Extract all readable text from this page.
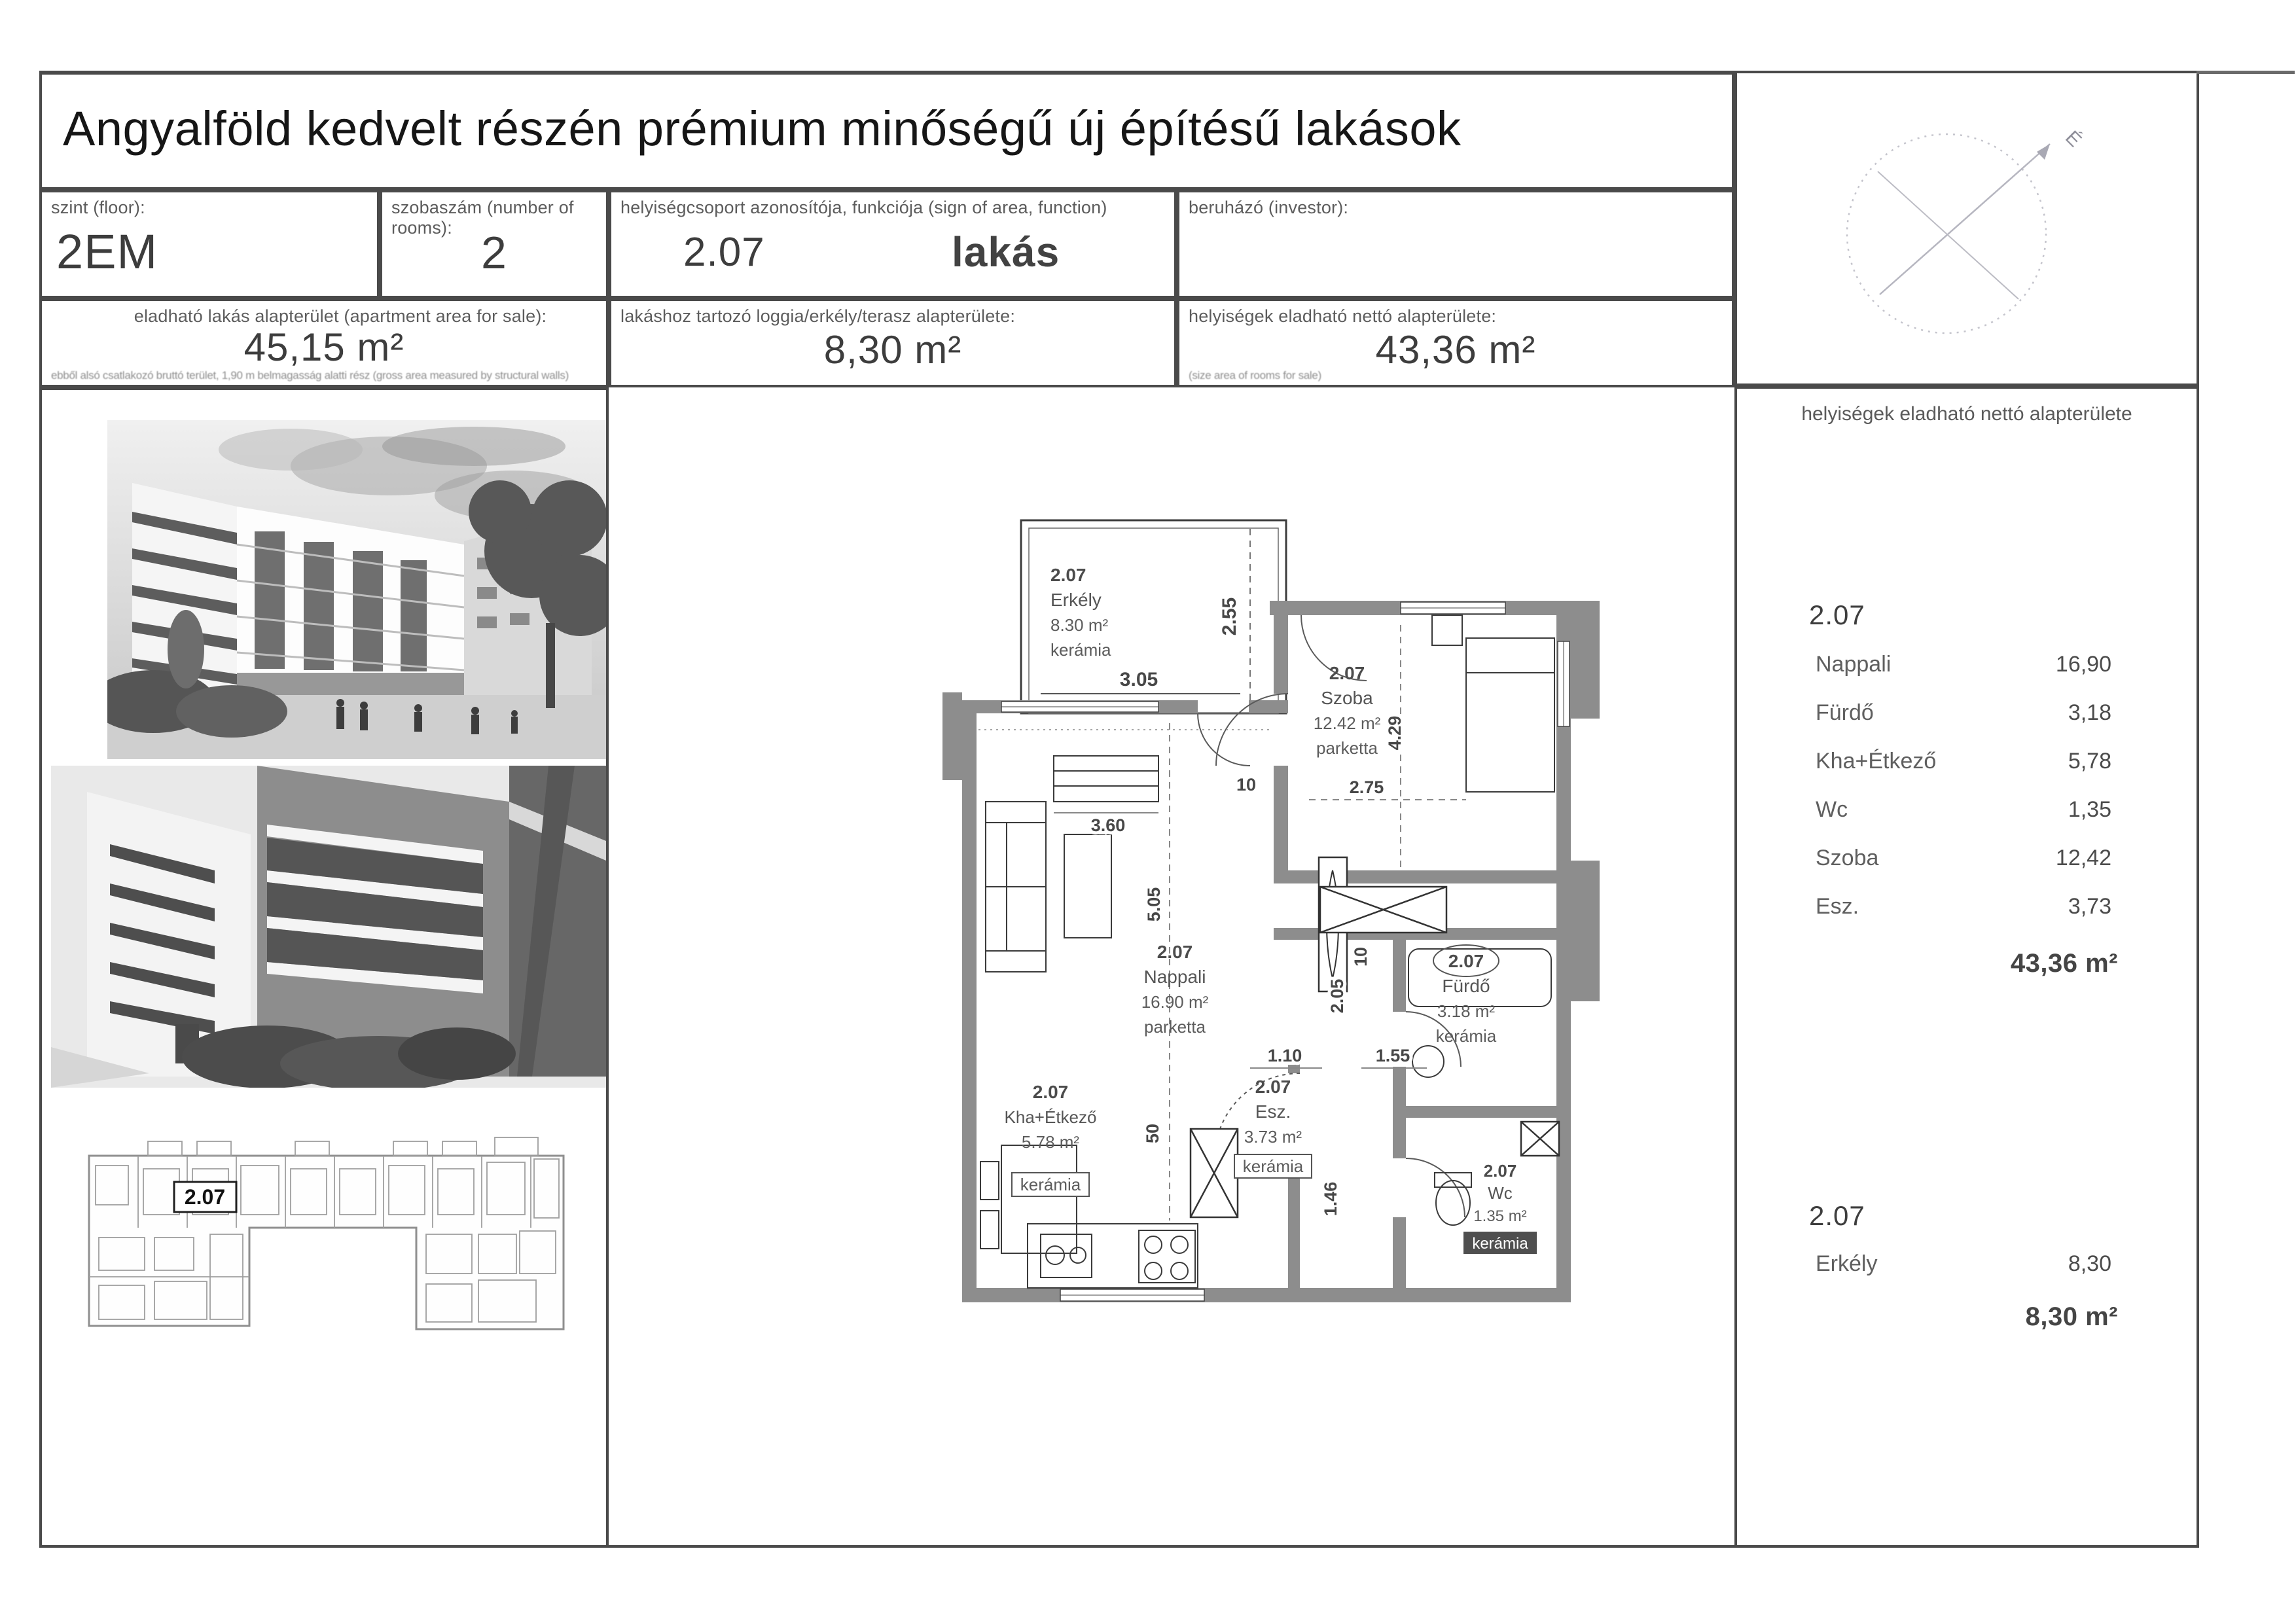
Angyalföld kedvelt részén prémium minőségű új építésű lakások	É
szint (floor):
2EM
szobaszám (number of rooms): 2
helyiségcsoport azonosítója, funkciója (sign of area, function)
2.07	lakás
beruházó (investor):
eladható lakás alapterület (apartment area for sale):
45,15 m²
ebből alsó csatlakozó bruttó terület, 1,90 m belmagasság alatti rész (gross area measured by structural walls)
lakáshoz tartozó loggia/erkély/terasz alapterülete:
8,30 m²
helyiségek eladható nettó alapterülete:
43,36 m²
(size area of rooms for sale)
2.07
helyiségek eladható nettó alapterülete
2.07
Nappali	16,90
Fürdő	3,18
Kha+Étkező	5,78
Wc	1,35
Szoba	12,42
Esz.	3,73
43,36 m²
2.07
Erkély	8,30
8,30 m²
3.05
2.55
2.07
Erkély
8.30 m²
kerámia
3.60
10	2.75
4.29
5.05
2.05
1.10	1.55
50
1.46
10
2.07
Szoba
12.42 m²
parketta
2.07
Nappali
16.90 m²
parketta
2.07
Fürdő
3.18 m²
kerámia
2.07
Kha+Étkező
5.78 m²
kerámia
2.07
Esz.
3.73 m²
kerámia	2.07
Wc
1.35 m²
kerámia
